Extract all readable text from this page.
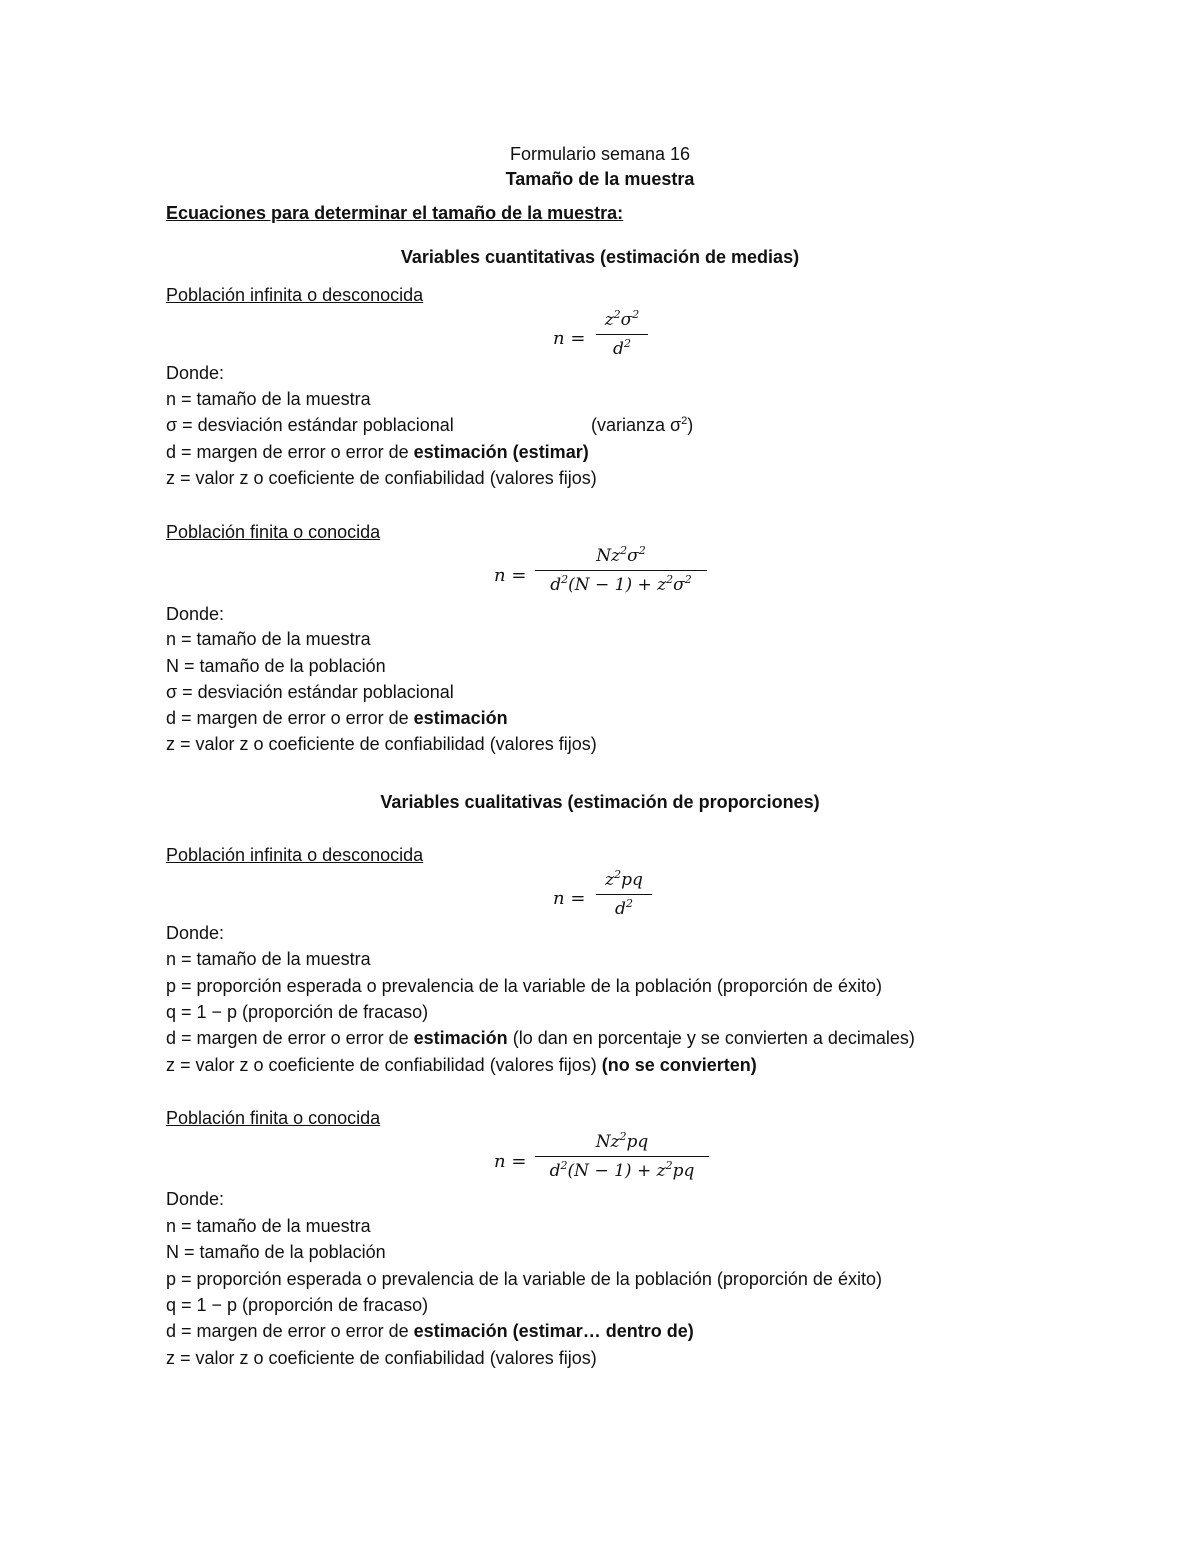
Formulario semana 16
Tamaño de la muestra
Ecuaciones para determinar el tamaño de la muestra:
Variables cuantitativas (estimación de medias)
Población infinita o desconocida
n =
$z^2\sigma^2$
$d^2$
Donde:
n = tamaño de la muestra
σ = desviación estándar poblacional	(varianza $\sigma^2$)
d = margen de error o error de estimación (estimar)
z = valor z o coeficiente de confiabilidad (valores fijos)
Población finita o conocida
n =
$Nz^2\sigma^2$
$d^2(N - 1) + z^2\sigma^2$
Donde:
n = tamaño de la muestra
N = tamaño de la población
σ = desviación estándar poblacional
d = margen de error o error de estimación
z = valor z o coeficiente de confiabilidad (valores fijos)
Variables cualitativas (estimación de proporciones)
Población infinita o desconocida
n =
$z^2pq$
$d^2$
Donde:
n = tamaño de la muestra
p = proporción esperada o prevalencia de la variable de la población (proporción de éxito)
q = 1 − p (proporción de fracaso)
d = margen de error o error de estimación (lo dan en porcentaje y se convierten a decimales)
z = valor z o coeficiente de confiabilidad (valores fijos) (no se convierten)
Población finita o conocida
n =
$Nz^2pq$
$d^2(N - 1) + z^2pq$
Donde:
n = tamaño de la muestra
N = tamaño de la población
p = proporción esperada o prevalencia de la variable de la población (proporción de éxito)
q = 1 − p (proporción de fracaso)
d = margen de error o error de estimación (estimar… dentro de)
z = valor z o coeficiente de confiabilidad (valores fijos)
